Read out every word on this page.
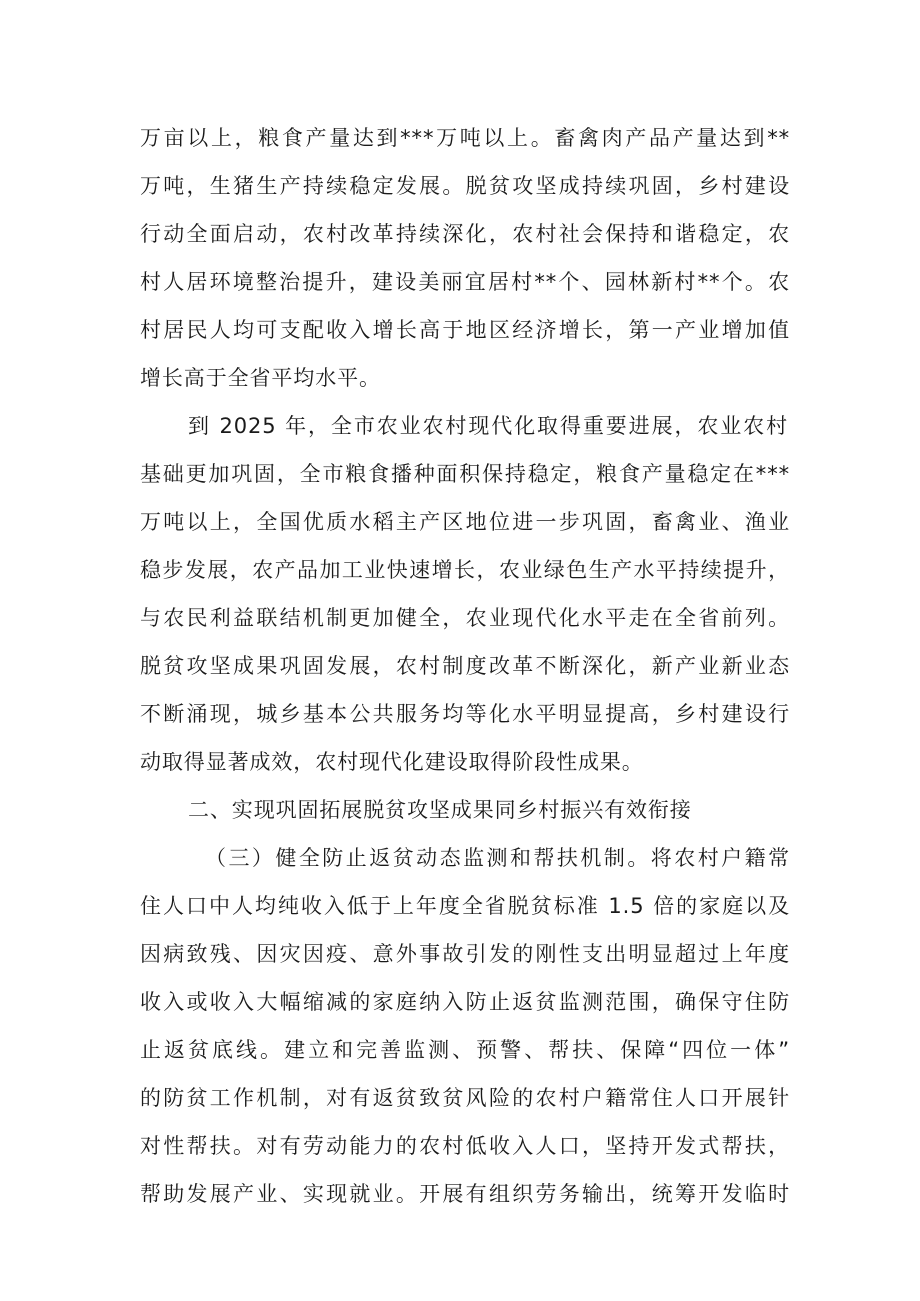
万亩以上，粮食产量达到***万吨以上。畜禽肉产品产量达到**
万吨，生猪生产持续稳定发展。脱贫攻坚成持续巩固，乡村建设
行动全面启动，农村改革持续深化，农村社会保持和谐稳定，农
村人居环境整治提升，建设美丽宜居村**个、园林新村**个。农
村居民人均可支配收入增长高于地区经济增长，第一产业增加值
增长高于全省平均水平。
到 2025 年，全市农业农村现代化取得重要进展，农业农村
基础更加巩固，全市粮食播种面积保持稳定，粮食产量稳定在***
万吨以上，全国优质水稻主产区地位进一步巩固，畜禽业、渔业
稳步发展，农产品加工业快速增长，农业绿色生产水平持续提升，
与农民利益联结机制更加健全，农业现代化水平走在全省前列。
脱贫攻坚成果巩固发展，农村制度改革不断深化，新产业新业态
不断涌现，城乡基本公共服务均等化水平明显提高，乡村建设行
动取得显著成效，农村现代化建设取得阶段性成果。
二、实现巩固拓展脱贫攻坚成果同乡村振兴有效衔接
（三）健全防止返贫动态监测和帮扶机制。将农村户籍常
住人口中人均纯收入低于上年度全省脱贫标准 1.5 倍的家庭以及
因病致残、因灾因疫、意外事故引发的刚性支出明显超过上年度
收入或收入大幅缩减的家庭纳入防止返贫监测范围，确保守住防
止返贫底线。建立和完善监测、预警、帮扶、保障“四位一体”
的防贫工作机制，对有返贫致贫风险的农村户籍常住人口开展针
对性帮扶。对有劳动能力的农村低收入人口，坚持开发式帮扶，
帮助发展产业、实现就业。开展有组织劳务输出，统筹开发临时
